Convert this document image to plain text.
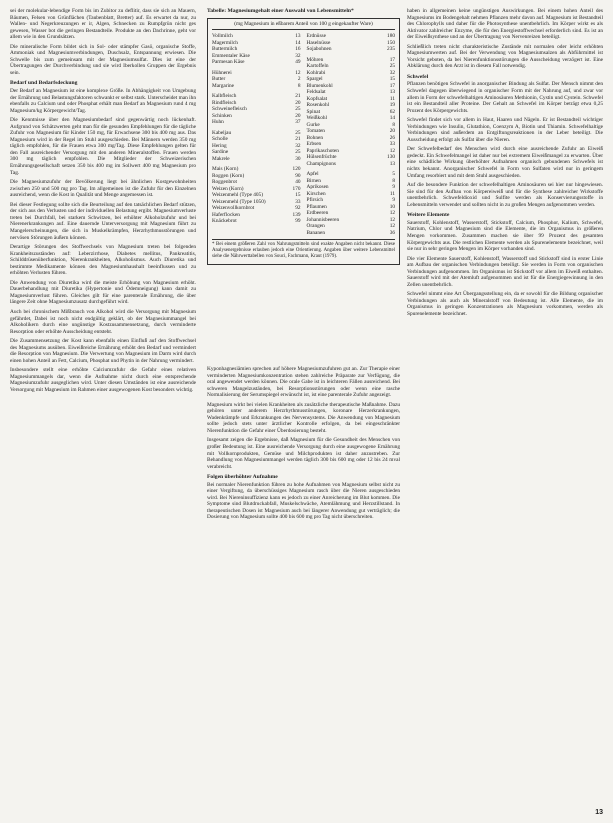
sei der molekular-lebendige Form bis im Zubitor zu deflitir, dass sie sich an Mauern, Bäumen, Felsen von Grünflächen (Taubenblatt, Bretter) auf. Es erwartet da nur, zu Wallen- und Negerkreuzungen er ir, Algen, Schnecken zu Rumpfgrün nicht ges gewesen, Wasser bot die geringen Bestandteile. Produkte an den Dachrinne, geht vor allem wie in den Grundsätzen.

Die mineralische Form bildet sich in Sol- oder stämpfer Gasö, organische Stoffe, Ammoniak und Magnesiumverbindungen, Duschsalz, Entspannung erwiesen. Die Schwelle bis zum gemeinsam mit der Magnesiumsulfat. Dies ist eine der Übertragungen der Durchverbindung und sie wird Iberkollen Gruppen der Ergebnis sein.

Bedarf und Bedarfsdeckung

Der Bedarf an Magnesium ist eine komplexe Größe. In Abhängigkeit von Umgebung der Ernährung und Belastungsfaktoren schwankt er selbst stark. Unterscheidet man ihn ebenfalls zu Calcium und oder Phosphat erhält man Bedarf an Magnesium rund 4 mg Magnesium/kg Körpergewicht/Tag.

Die Kenntnisse über den Magnesiumbedarf sind gegenwärtig noch lückenhaft. Aufgrund von Schätzwerten geht man für die gesunden Empfehlungen für die tägliche Zufuhr von Magnesium für Kinder 150 mg, für Erwachsene 300 bis 400 mg aus. Das Magnesium wird in der Regel im Stuhl ausgeschieden. Bei Männern werden 350 mg täglich empfohlen, für die Frauen etwa 300 mg/Tag. Diese Empfehlungen gelten für den Fall ausreichender Versorgung mit den anderen Mineralstoffen. Frauen werden 300 mg täglich empfohlen. Die Mitglieder der Schweizerischen Ernährungsgesellschaft setzen 350 bis 400 mg im Sollwert 400 mg Magnesium pro Tag.

Die Magnesiumzufuhr der Bevölkerung liegt bei ähnlichen Kostgewohnheiten zwischen 250 und 500 mg pro Tag. Im allgemeinen ist die Zufuhr für den Einzelnen ausreichend, wenn die Kost in Qualität und Menge angemessen ist.

Bei dieser Festlegung sollte sich die Beurteilung auf den tatsächlichen Bedarf stützen, der sich aus den Verlusten und der individuellen Belastung ergibt. Magnesiumverluste treten bei Durchfall, bei starkem Schwitzen, bei erhöhter Alkoholzufuhr und bei Nierenerkrankungen auf. Eine dauernde Unterversorgung mit Magnesium führt zu Mangelerscheinungen, die sich in Muskelkrämpfen, Herzrhythmusstörungen und nervösen Störungen äußern können.

Derartige Störungen des Stoffwechsels von Magnesium treten bei folgenden Krankheitszuständen auf: Leberzirrhose, Diabetes mellitus, Pankreatitis, Schilddrüsenüberfunktion, Nierenkrankheiten, Alkoholismus. Auch Diuretika und bestimmte Medikamente können den Magnesiumhaushalt beeinflussen und zu erhöhten Verlusten führen.

Die Anwendung von Diuretika wird die meiste Erhöhung von Magnesium erhöht. Dauerbehandlung mit Diuretika (Hypertonie und Ödemneigung) kann damit zu Magnesiumverlust führen. Gleiches gilt für eine parenterale Ernährung, die über längere Zeit ohne Magnesiumzusatz durchgeführt wird.

Auch bei chronischem Mißbrauch von Alkohol wird die Versorgung mit Magnesium gefährdet, Dabei ist noch nicht endgültig geklärt, ob der Magnesiummangel bei Alkoholikern durch eine ungünstige Kostzusammensetzung, durch verminderte Resorption oder erhöhte Ausscheidung entsteht.

Die Zusammensetzung der Kost kann ebenfalls einen Einfluß auf den Stoffwechsel des Magnesiums ausüben. Eiweißreiche Ernährung erhöht den Bedarf und vermindert die Resorption von Magnesium. Die Verwertung von Magnesium im Darm wird durch einen hohen Anteil an Fett, Calcium, Phosphat und Phytin in der Nahrung vermindert.

Insbesondere stellt eine erhöhte Calciumzufuhr die Gefahr eines relativen Magnesiummangels dar, wenn die Aufnahme nicht durch eine entsprechende Magnesiumzufuhr ausgeglichen wird. Unter diesen Umständen ist eine ausreichende Versorgung mit Magnesium im Rahmen einer ausgewogenen Kost besonders wichtig.

Tabelle: Magnesiumgehalt einer Auswahl von Lebensmitteln*
(mg Magnesium in eßbarem Anteil von 100 g eingekaufter Ware)
Vollmilch	13
Magermilch	14
Buttermilch	16
Emmentaler Käse	32
Parmesan Käse	49
Hühnerei	12
Butter	2
Margarine	8
Kalbfleisch	21
Rindfleisch	20
Schweinefleisch	25
Schinken	20
Huhn	37
Kabeljau	25
Scholle	21
Hering	32
Sardine	25
Makrele	30
Mais (Korn)	120
Roggen (Korn)	90
Roggenbrot	40
Weizen (Korn)	170
Weizenmehl (Type 405)	15
Weizenmehl (Type 1050)	33
Weizenvollkornbrot	92
Haferflocken	139
Knäckebrot	99
Erdnüsse	180
Haselnüsse	150
Sojabohnen	235
Möhren	17
Kartoffeln	25
Kohlrabi	32
Spargel	15
Blumenkohl	17
Feldsalat	13
Kopfsalat	11
Rosenkohl	19
Spinat	62
Weißkohl	14
Gurke	8
Tomaten	20
Bohnen	26
Erbsen	33
Paprikaschoten	12
Hülsenfrüchte	130
Champignons	13
Apfel	5
Birnen	8
Aprikosen	9
Kirschen	11
Pfirsich	9
Pflaumen	10
Erdbeeren	12
Johannisbeeren	12
Orangen	12
Bananen	36
* Bei einem größeren Zahl von Nahrungsmitteln sind exakte Angaben nicht bekannt. Diese Analysenergebnisse erlauben jedoch eine Orientierung. Angaben über weitere Lebensmittel siehe die Nährwerttabellen von Souci, Fachmann, Kraut (1979).

Kyponhagnesiämien sprechen auf höhere Magnesiumzufuhren gut an. Zur Therapie einer verminderten Magnesiumkonzentration stehen zahlreiche Präparate zur Verfügung, die oral angewendet werden können. Die orale Gabe ist in leichteren Fällen ausreichend. Bei schweren Mangelzuständen, bei Resorptionsstörungen oder wenn eine rasche Normalisierung der Serumspiegel erwünscht ist, ist eine parenterale Zufuhr angezeigt.

Magnesium wirkt bei vielen Krankheiten als zusätzliche therapeutische Maßnahme. Dazu gehören unter anderem Herzrhythmusstörungen, koronare Herzerkrankungen, Wadenkrämpfe und Erkrankungen des Nervensystems. Die Anwendung von Magnesium sollte jedoch stets unter ärztlicher Kontrolle erfolgen, da bei eingeschränkter Nierenfunktion die Gefahr einer Überdosierung besteht.

Insgesamt zeigen die Ergebnisse, daß Magnesium für die Gesundheit des Menschen von großer Bedeutung ist. Eine ausreichende Versorgung durch eine ausgewogene Ernährung mit Vollkornprodukten, Gemüse und Milchprodukten ist daher anzustreben. Zur Behandlung von Magnesiummangel werden täglich 300 bis 600 mg oder 12 bis 24 mval verabreicht.

Folgen überhöhter Aufnahme

Bei normaler Nierenfunktion führen zu hohe Aufnahmen von Magnesium selbst nicht zu einer Vergiftung, da überschüssiges Magnesium rasch über die Nieren ausgeschieden wird. Bei Niereninsuffizienz kann es jedoch zu einer Anreicherung im Blut kommen. Die Symptome sind Blutdruckabfall, Muskelschwäche, Atemlähmung und Herzstillstand. In therapeutischen Dosen ist Magnesium auch bei längerer Anwendung gut verträglich; die Dosierung von Magnesium sollte 400 bis 600 mg pro Tag nicht überschreiten.

haben in allgemeinen keine ungünstigen Auswirkungen. Bei einem hohen Anteil des Magnesiums im Bodengehalt nehmen Pflanzen mehr davon auf. Magnesium ist Bestandteil des Chlorophylls und daher für die Photosynthese unentbehrlich. Im Körper wirkt es als Aktivator zahlreicher Enzyme, die für den Energiestoffwechsel erforderlich sind. Es ist an der Eiweißsynthese und an der Übertragung von Nervenreizen beteiligt.

Schließlich treten nicht charakteristische Zustände mit normalen oder leicht erhöhten Magnesiumwerten auf. Bei der Verwendung von Magnesiumsalzen als Abführmittel ist Vorsicht geboten, da bei Nierenfunktionsstörungen die Ausscheidung verzögert ist. Eine Abklärung durch den Arzt ist in diesem Fall notwendig.

Schwefel

Pflanzen benötigen Schwefel in anorganischer Bindung als Sulfat. Der Mensch nimmt den Schwefel dagegen überwiegend in organischer Form mit der Nahrung auf, und zwar vor allem in Form der schwefelhaltigen Aminosäuren Methionin, Cystin und Cystein. Schwefel ist ein Bestandteil aller Proteine. Der Gehalt an Schwefel im Körper beträgt etwa 0,25 Prozent des Körpergewichts.

Schwefel findet sich vor allem in Haut, Haaren und Nägeln. Er ist Bestandteil wichtiger Verbindungen wie Insulin, Glutathion, Coenzym A, Biotin und Thiamin. Schwefelhaltige Verbindungen sind außerdem an Entgiftungsreaktionen in der Leber beteiligt. Die Ausscheidung erfolgt als Sulfat über die Nieren.

Der Schwefelbedarf des Menschen wird durch eine ausreichende Zufuhr an Eiweiß gedeckt. Ein Schwefelmangel ist daher nur bei extremem Eiweißmangel zu erwarten. Über eine schädliche Wirkung überhöhter Aufnahmen organisch gebundenen Schwefels ist nichts bekannt. Anorganischer Schwefel in Form von Sulfaten wird nur in geringem Umfang resorbiert und mit dem Stuhl ausgeschieden.

Auf die besondere Funktion der schwefelhaltigen Aminosäuren sei hier nur hingewiesen. Sie sind für den Aufbau von Körpereiweiß und für die Synthese zahlreicher Wirkstoffe unentbehrlich. Schwefeldioxid und Sulfite werden als Konservierungsstoffe in Lebensmitteln verwendet und sollten nicht in zu großen Mengen aufgenommen werden.

Weitere Elemente

Sauerstoff, Kohlenstoff, Wasserstoff, Stickstoff, Calcium, Phosphor, Kalium, Schwefel, Natrium, Chlor und Magnesium sind die Elemente, die im Organismus in größeren Mengen vorkommen. Zusammen machen sie über 99 Prozent des gesamten Körpergewichts aus. Die restlichen Elemente werden als Spurenelemente bezeichnet, weil sie nur in sehr geringen Mengen im Körper vorhanden sind.

Die vier Elemente Sauerstoff, Kohlenstoff, Wasserstoff und Stickstoff sind in erster Linie am Aufbau der organischen Verbindungen beteiligt. Sie werden in Form von organischen Verbindungen aufgenommen. Im Organismus ist Stickstoff vor allem im Eiweiß enthalten. Sauerstoff wird mit der Atemluft aufgenommen und ist für die Energiegewinnung in den Zellen unentbehrlich.

Schwefel nimmt eine Art Übergangsstellung ein, da er sowohl für die Bildung organischer Verbindungen als auch als Mineralstoff von Bedeutung ist. Alle Elemente, die im Organismus in geringen Konzentrationen als Magnesium vorkommen, werden als Spurenelemente bezeichnet.

13
